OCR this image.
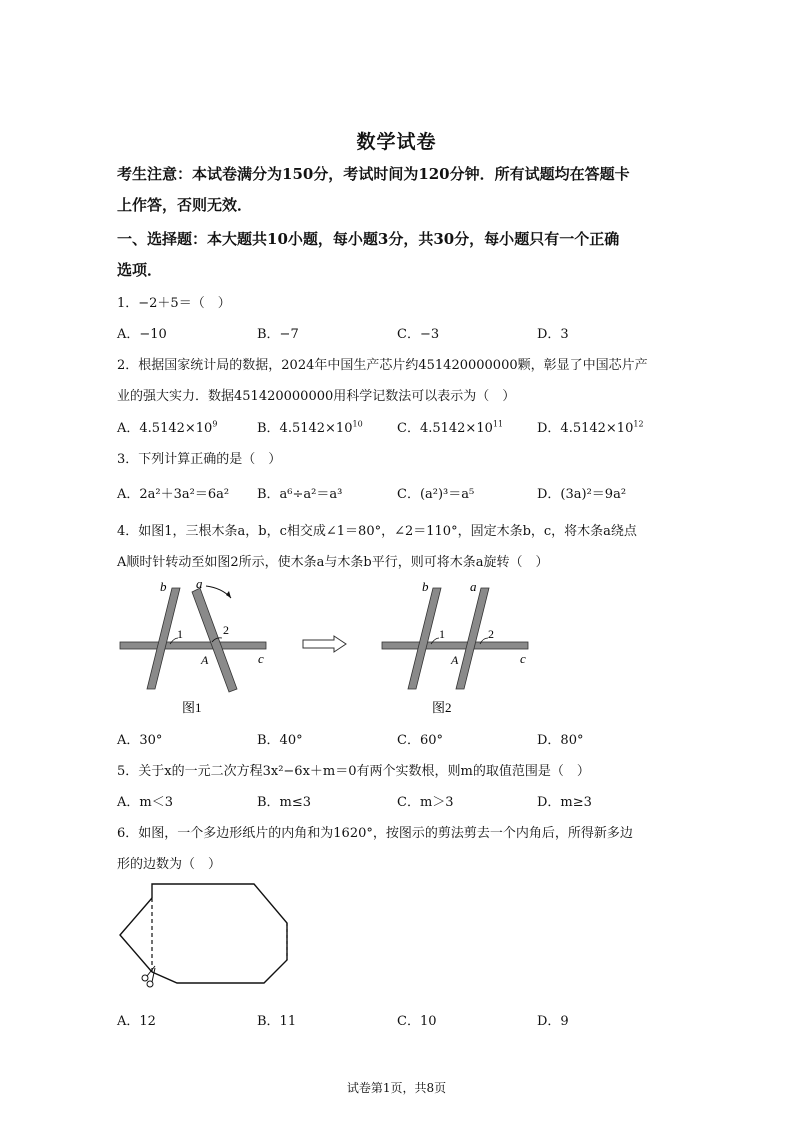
数学试卷
考生注意：本试卷满分为150分，考试时间为120分钟．所有试题均在答题卡
上作答，否则无效．
一、选择题：本大题共10小题，每小题3分，共30分，每小题只有一个正确
选项．
1．−2＋5＝（　）
A．−10	B．−7	C．−3	D．3
2．根据国家统计局的数据，2024年中国生产芯片约451420000000颗，彰显了中国芯片产
业的强大实力．数据451420000000用科学记数法可以表示为（　）
A．$4.5142\times 10^9$	B．$4.5142\times 10^{10}$	C．$4.5142\times 10^{11}$	D．$4.5142\times 10^{12}$
3．下列计算正确的是（　）
A．2a²＋3a²＝6a² B．a⁶÷a²＝a³	C．(a²)³＝a⁵	D．(3a)²＝9a²
4．如图1，三根木条a，b，c相交成∠1＝80°，∠2＝110°，固定木条b，c，将木条a绕点
A顺时针转动至如图2所示，使木条a与木条b平行，则可将木条a旋转（　）
b a
c
A
1	2
图1
b	a
c
A
1	2
图2
A．30°	B．40°	C．60°	D．80°
5．关于x的一元二次方程3x²−6x＋m＝0有两个实数根，则m的取值范围是（　）
A．m＜3	B．m≤3	C．m＞3	D．m≥3
6．如图，一个多边形纸片的内角和为1620°，按图示的剪法剪去一个内角后，所得新多边
形的边数为（　）
A．12	B．11	C．10	D．9
试卷第1页，共8页
